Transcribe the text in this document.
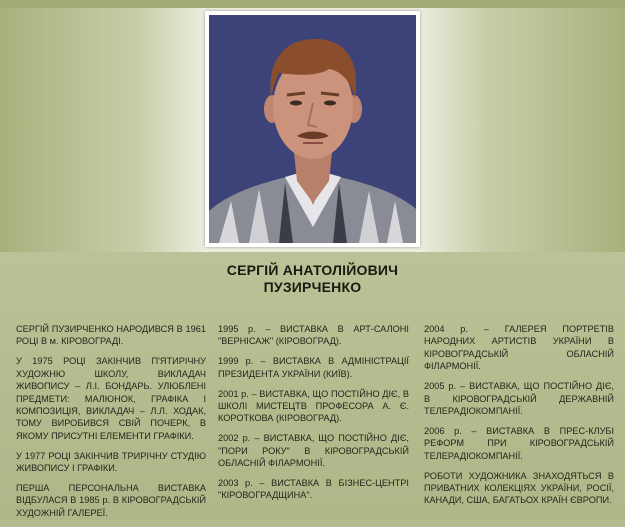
СЕРГІЙ АНАТОЛІЙОВИЧ
ПУЗИРЧЕНКО

СЕРГІЙ ПУЗИРЧЕНКО НАРОДИВСЯ В 1961 РОЦІ В м. КІРОВОГРАДІ.

У 1975 РОЦІ ЗАКІНЧИВ П'ЯТИРІЧНУ ХУДОЖНЮ ШКОЛУ, ВИКЛАДАЧ ЖИВОПИСУ – Л.І. БОНДАРЬ. УЛЮБЛЕНІ ПРЕДМЕТИ: МАЛЮНОК, ГРАФІКА І КОМПОЗИЦІЯ, ВИКЛАДАЧ – Л.Л. ХОДАК, ТОМУ ВИРОБИВСЯ СВІЙ ПОЧЕРК, В ЯКОМУ ПРИСУТНІ ЕЛЕМЕНТИ ГРАФІКИ.

У 1977 РОЦІ ЗАКІНЧИВ ТРИРІЧНУ СТУДІЮ ЖИВОПИСУ І ГРАФІКИ.

ПЕРША ПЕРСОНАЛЬНА ВИСТАВКА ВІДБУЛАСЯ В 1985 р. В КІРОВОГРАДСЬКІЙ ХУДОЖНІЙ ГАЛЕРЕЇ.

1995 р. – ВИСТАВКА В АРТ-САЛОНІ "ВЕРНІСАЖ" (КІРОВОГРАД).

1999 р. – ВИСТАВКА В АДМІНІСТРАЦІЇ ПРЕЗИДЕНТА УКРАЇНИ (КИЇВ).

2001 р. – ВИСТАВКА, ЩО ПОСТІЙНО ДІЄ, В ШКОЛІ МИСТЕЦТВ ПРОФЕСОРА А. Є. КОРОТКОВА (КІРОВОГРАД).

2002 р. – ВИСТАВКА, ЩО ПОСТІЙНО ДІЄ, "ПОРИ РОКУ" В КІРОВОГРАДСЬКІЙ ОБЛАСНІЙ ФІЛАРМОНІЇ.

2003 р. – ВИСТАВКА В БІЗНЕС-ЦЕНТРІ "КІРОВОГРАДЩИНА".

2004 р. – ГАЛЕРЕЯ ПОРТРЕТІВ НАРОДНИХ АРТИСТІВ УКРАЇНИ В КІРОВОГРАДСЬКІЙ ОБЛАСНІЙ ФІЛАРМОНІЇ.

2005 р. – ВИСТАВКА, ЩО ПОСТІЙНО ДІЄ, В КІРОВОГРАДСЬКІЙ ДЕРЖАВНІЙ ТЕЛЕРАДІОКОМПАНІЇ.

2006 р. – ВИСТАВКА В ПРЕС-КЛУБІ РЕФОРМ ПРИ КІРОВОГРАДСЬКІЙ ТЕЛЕРАДІОКОМПАНІЇ.

РОБОТИ ХУДОЖНИКА ЗНАХОДЯТЬСЯ В ПРИВАТНИХ КОЛЕКЦІЯХ УКРАЇНИ, РОСІЇ, КАНАДИ, США, БАГАТЬОХ КРАЇН ЄВРОПИ.
